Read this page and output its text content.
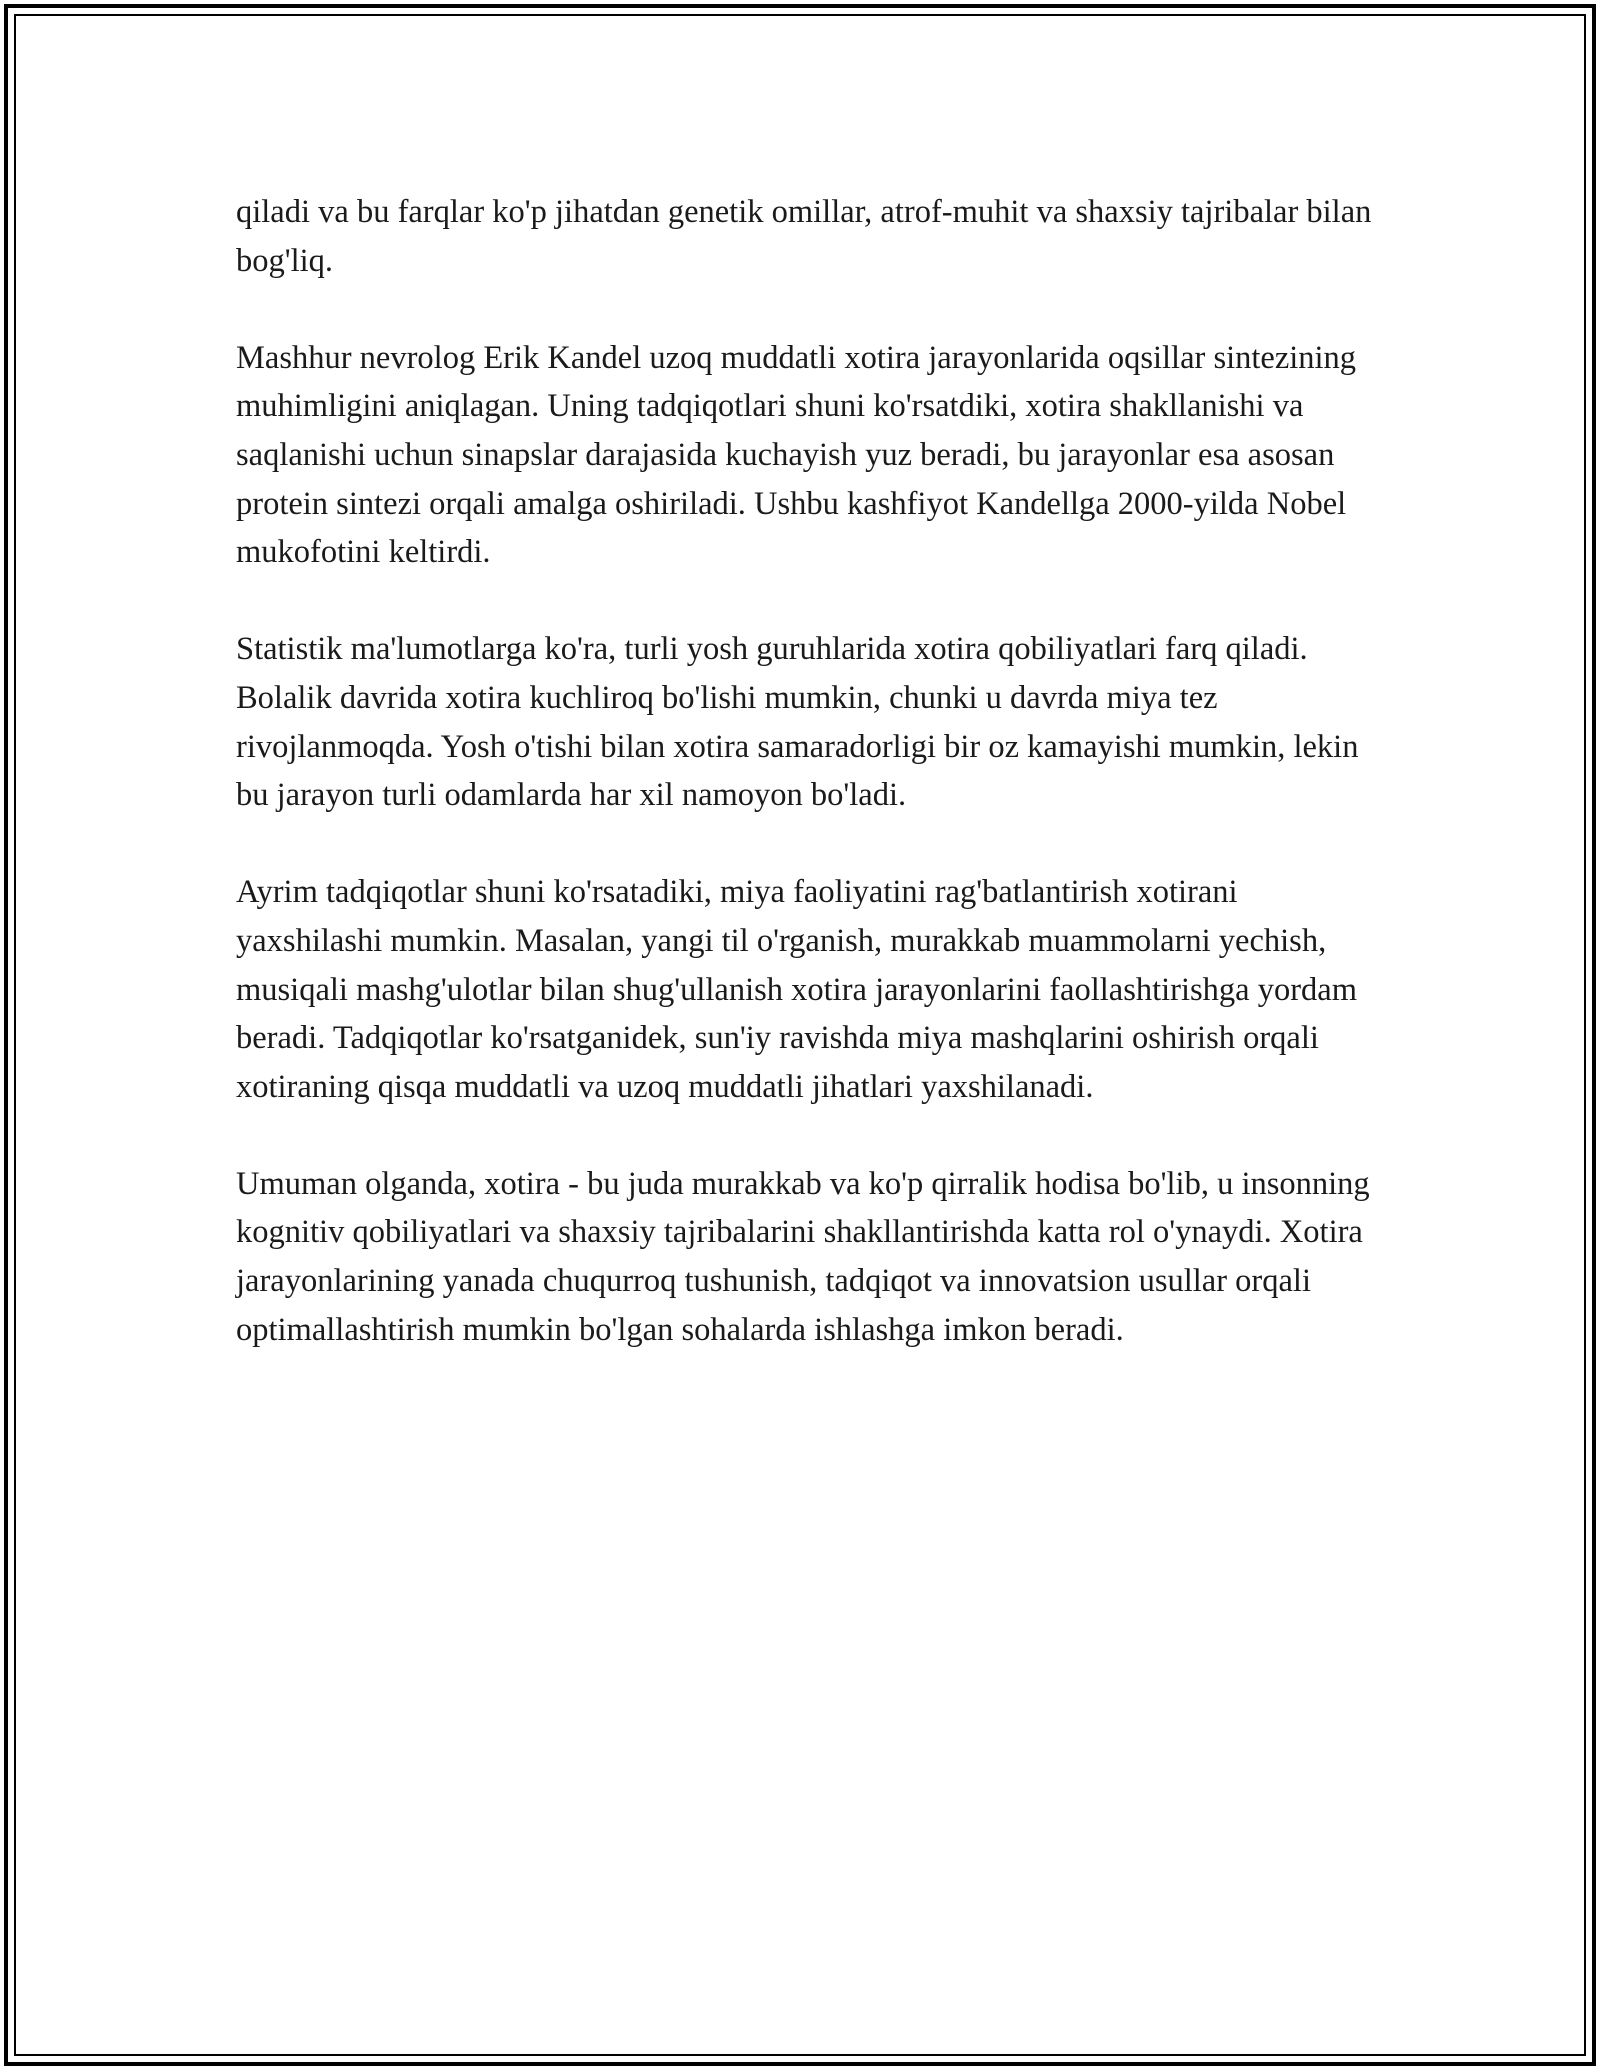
qiladi va bu farqlar ko'p jihatdan genetik omillar, atrof-muhit va shaxsiy tajribalar bilan bog'liq.

Mashhur nevrolog Erik Kandel uzoq muddatli xotira jarayonlarida oqsillar sintezining muhimligini aniqlagan. Uning tadqiqotlari shuni ko'rsatdiki, xotira shakllanishi va saqlanishi uchun sinapslar darajasida kuchayish yuz beradi, bu jarayonlar esa asosan protein sintezi orqali amalga oshiriladi. Ushbu kashfiyot Kandellga 2000-yilda Nobel mukofotini keltirdi.

Statistik ma'lumotlarga ko'ra, turli yosh guruhlarida xotira qobiliyatlari farq qiladi. Bolalik davrida xotira kuchliroq bo'lishi mumkin, chunki u davrda miya tez rivojlanmoqda. Yosh o'tishi bilan xotira samaradorligi bir oz kamayishi mumkin, lekin bu jarayon turli odamlarda har xil namoyon bo'ladi.

Ayrim tadqiqotlar shuni ko'rsatadiki, miya faoliyatini rag'batlantirish xotirani yaxshilashi mumkin. Masalan, yangi til o'rganish, murakkab muammolarni yechish, musiqali mashg'ulotlar bilan shug'ullanish xotira jarayonlarini faollashtirishga yordam beradi. Tadqiqotlar ko'rsatganidek, sun'iy ravishda miya mashqlarini oshirish orqali xotiraning qisqa muddatli va uzoq muddatli jihatlari yaxshilanadi.

Umuman olganda, xotira - bu juda murakkab va ko'p qirralik hodisa bo'lib, u insonning kognitiv qobiliyatlari va shaxsiy tajribalarini shakllantirishda katta rol o'ynaydi. Xotira jarayonlarining yanada chuqurroq tushunish, tadqiqot va innovatsion usullar orqali optimallashtirish mumkin bo'lgan sohalarda ishlashga imkon beradi.
